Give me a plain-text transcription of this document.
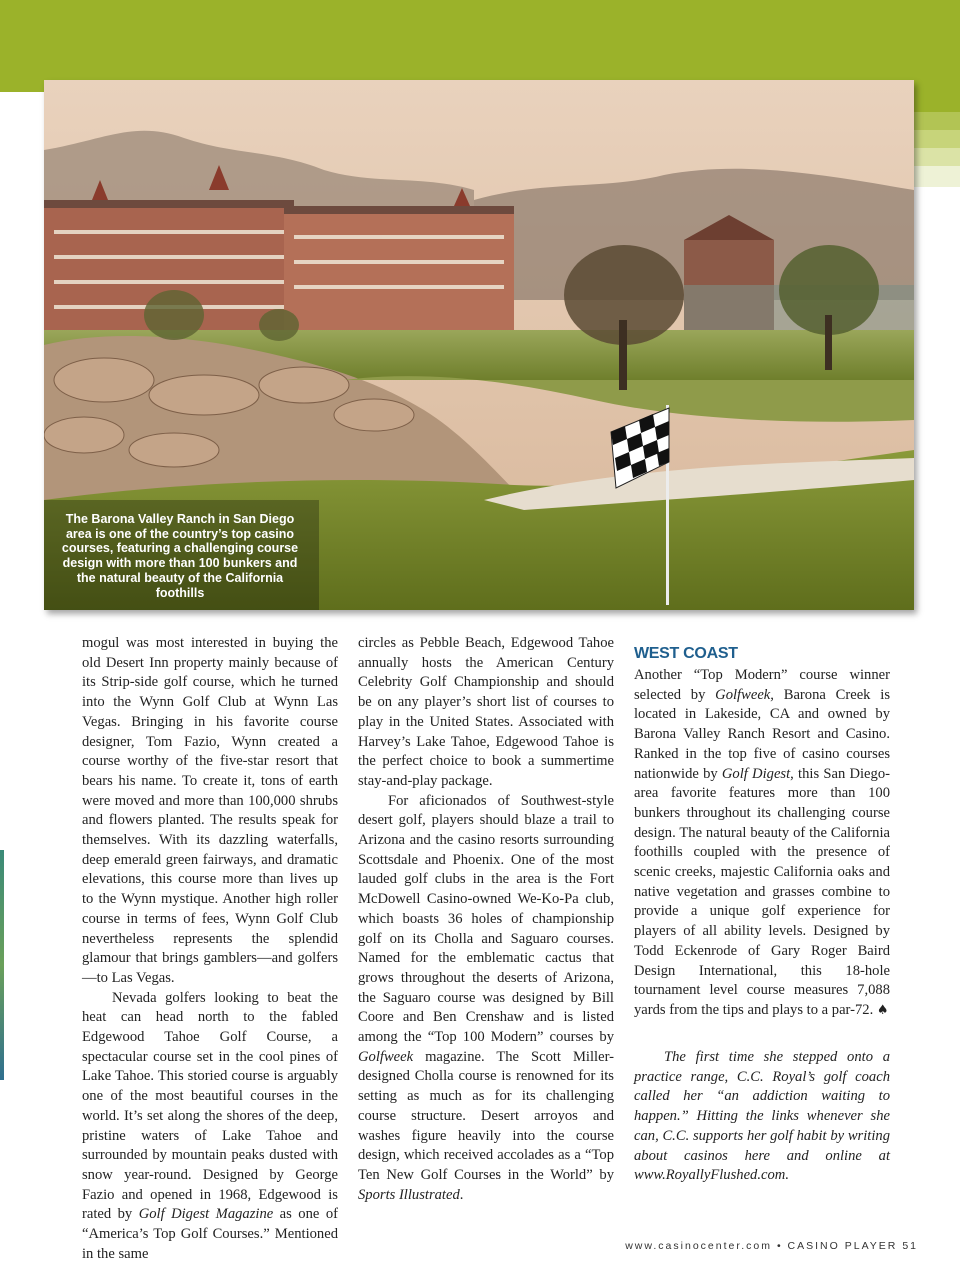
The Barona Valley Ranch in San Diego area is one of the country’s top casino courses, featuring a challenging course design with more than 100 bunkers and the natural beauty of the California foothills

mogul was most interested in buying the old Desert Inn property mainly because of its Strip-side golf course, which he turned into the Wynn Golf Club at Wynn Las Vegas. Bringing in his favorite course designer, Tom Fazio, Wynn created a course worthy of the five-star resort that bears his name. To create it, tons of earth were moved and more than 100,000 shrubs and flowers planted. The results speak for themselves. With its dazzling waterfalls, deep emerald green fairways, and dramatic elevations, this course more than lives up to the Wynn mystique. Another high roller course in terms of fees, Wynn Golf Club nevertheless represents the splendid glamour that brings gamblers—and golfers—to Las Vegas.

Nevada golfers looking to beat the heat can head north to the fabled Edgewood Tahoe Golf Course, a spectacular course set in the cool pines of Lake Tahoe. This storied course is arguably one of the most beautiful courses in the world. It’s set along the shores of the deep, pristine waters of Lake Tahoe and surrounded by mountain peaks dusted with snow year-round. Designed by George Fazio and opened in 1968, Edgewood is rated by Golf Digest Magazine as one of “America’s Top Golf Courses.” Mentioned in the same

circles as Pebble Beach, Edgewood Tahoe annually hosts the American Century Celebrity Golf Championship and should be on any player’s short list of courses to play in the United States. Associated with Harvey’s Lake Tahoe, Edgewood Tahoe is the perfect choice to book a summertime stay-and-play package.

For aficionados of Southwest-style desert golf, players should blaze a trail to Arizona and the casino resorts surrounding Scottsdale and Phoenix. One of the most lauded golf clubs in the area is the Fort McDowell Casino-owned We-Ko-Pa club, which boasts 36 holes of championship golf on its Cholla and Saguaro courses. Named for the emblematic cactus that grows throughout the deserts of Arizona, the Saguaro course was designed by Bill Coore and Ben Crenshaw and is listed among the “Top 100 Modern” courses by Golfweek magazine. The Scott Miller-designed Cholla course is renowned for its setting as much as for its challenging course structure. Desert arroyos and washes figure heavily into the course design, which received accolades as a “Top Ten New Golf Courses in the World” by Sports Illustrated.

WEST COAST

Another “Top Modern” course winner selected by Golfweek, Barona Creek is located in Lakeside, CA and owned by Barona Valley Ranch Resort and Casino. Ranked in the top five of casino courses nationwide by Golf Digest, this San Diego-area favorite features more than 100 bunkers throughout its challenging course design. The natural beauty of the California foothills coupled with the presence of scenic creeks, majestic California oaks and native vegetation and grasses combine to provide a unique golf experience for players of all ability levels. Designed by Todd Eckenrode of Gary Roger Baird Design International, this 18-hole tournament level course measures 7,088 yards from the tips and plays to a par-72. ♠

The first time she stepped onto a practice range, C.C. Royal’s golf coach called her “an addiction waiting to happen.” Hitting the links whenever she can, C.C. supports her golf habit by writing about casinos here and online at www.RoyallyFlushed.com.
www.casinocenter.com • CASINO PLAYER 51
